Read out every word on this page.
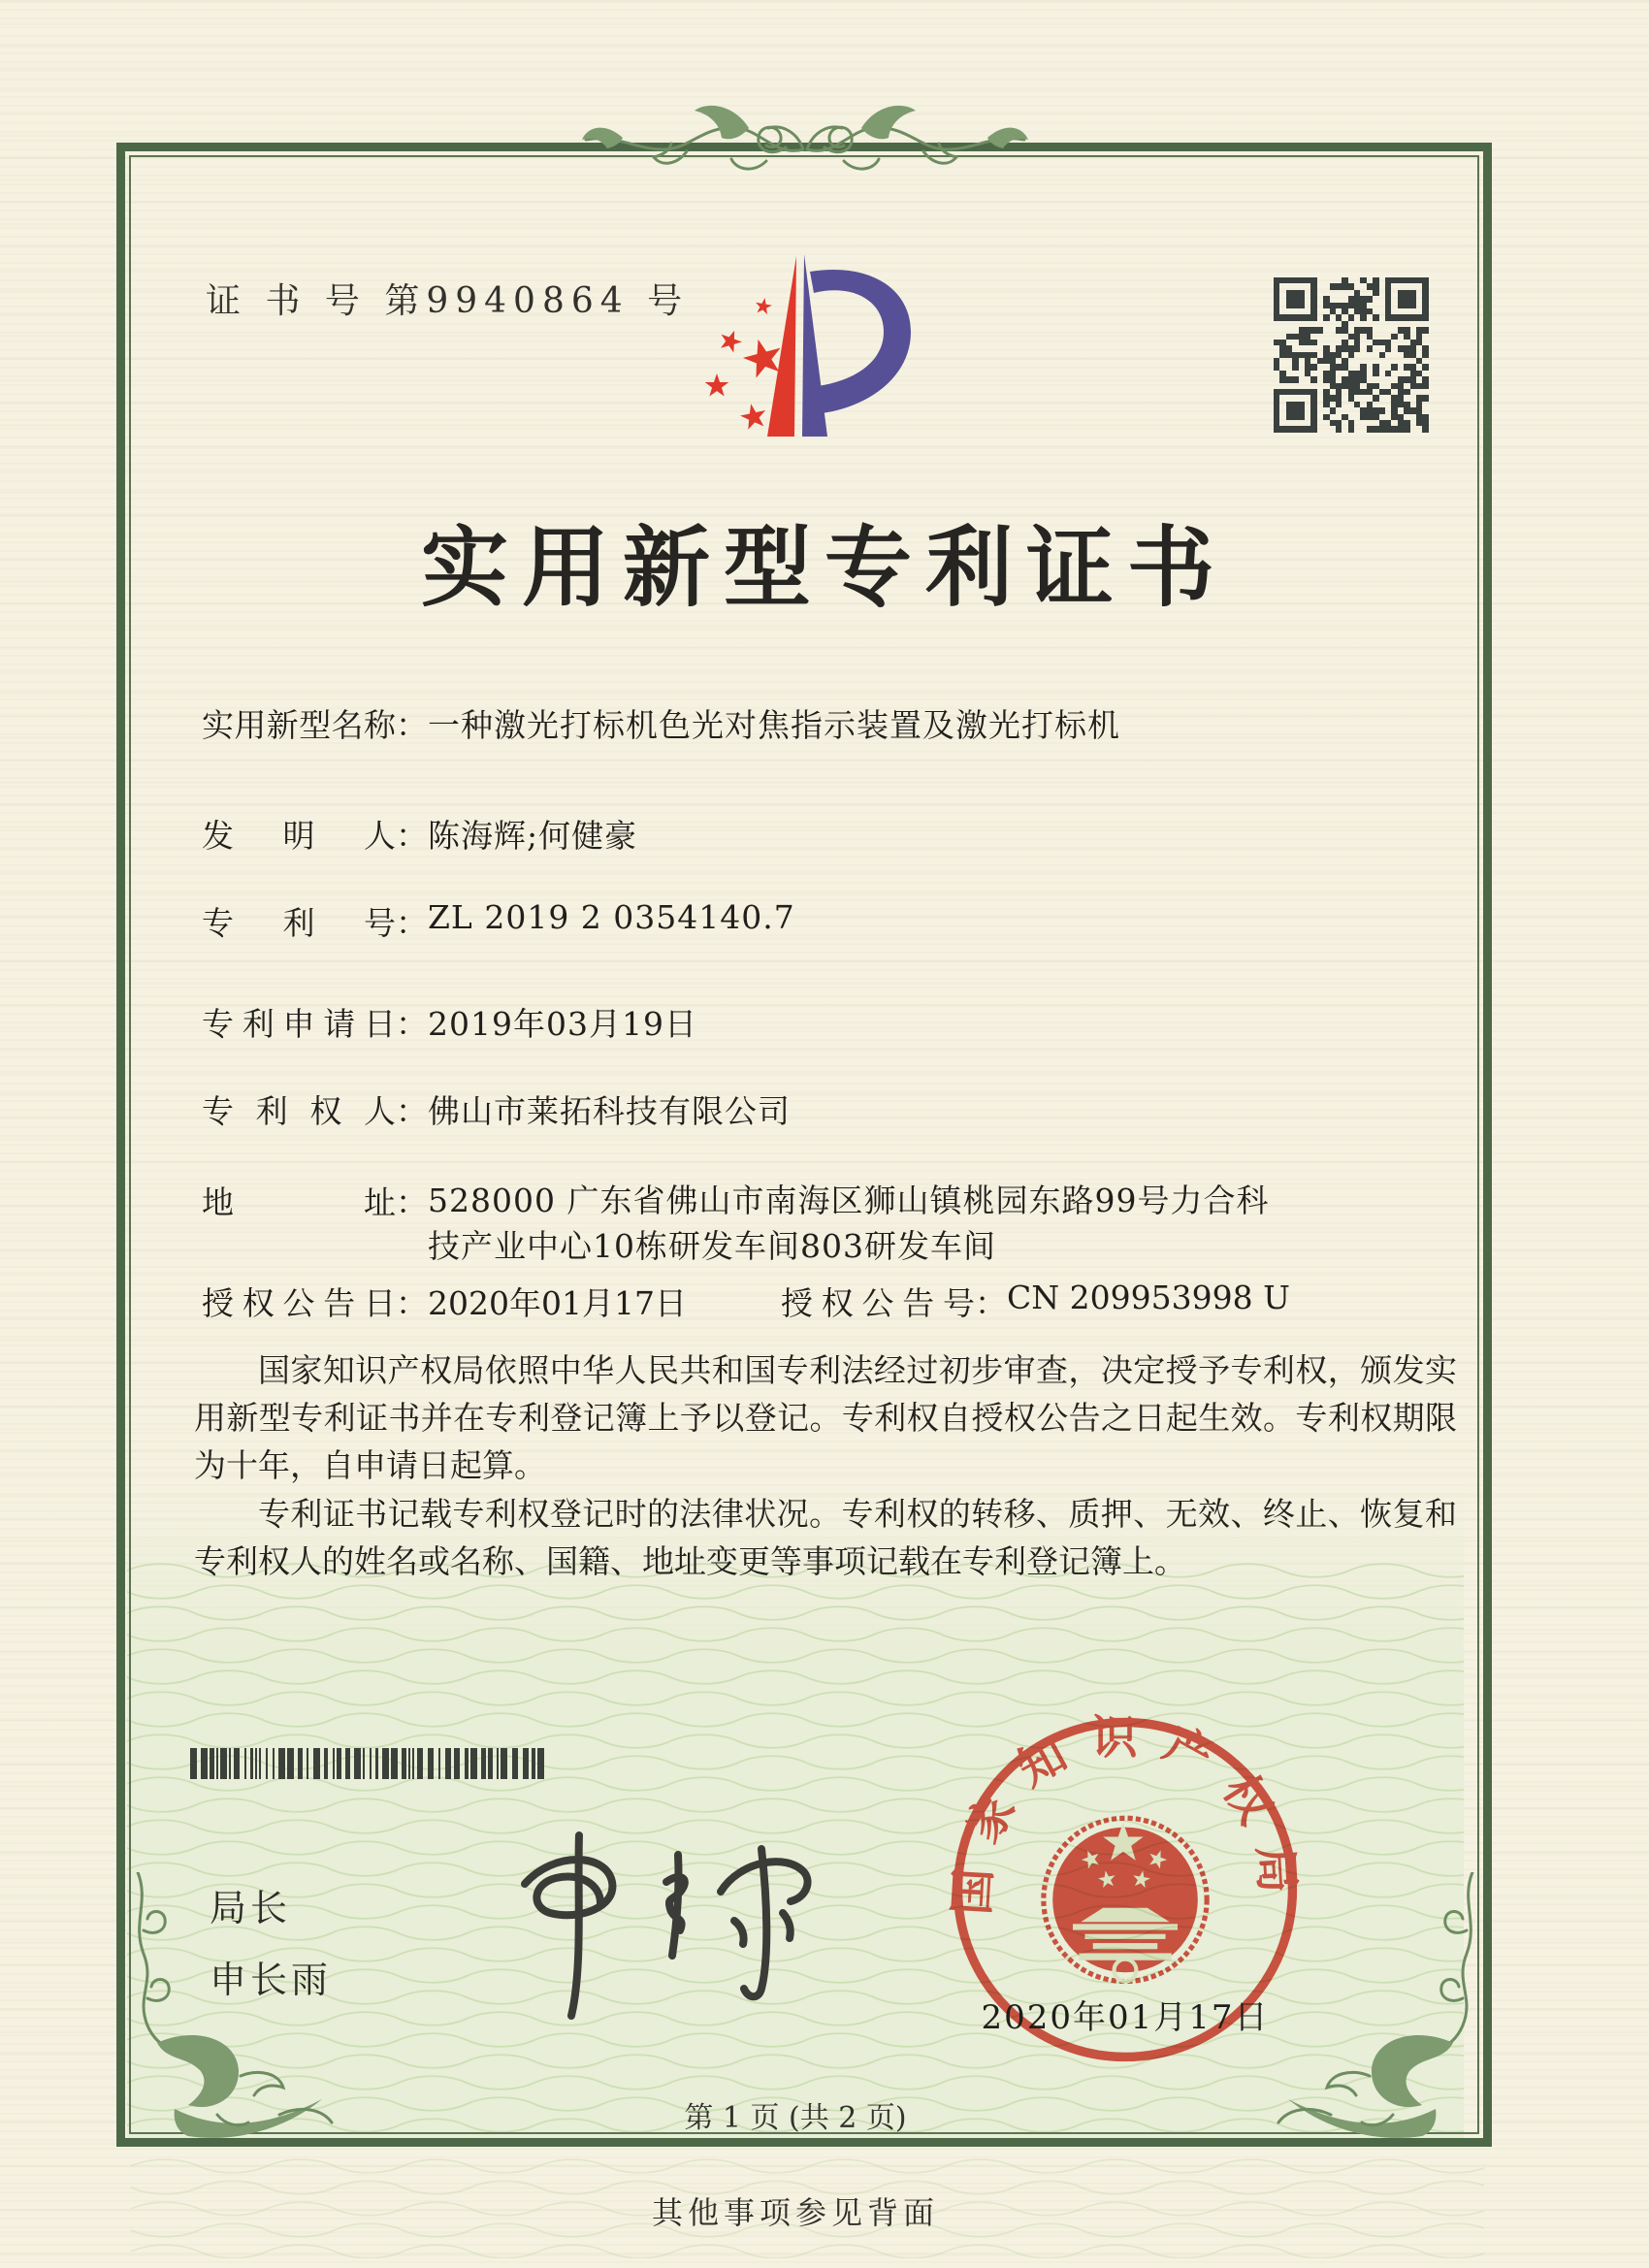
证 书 号 第9940864 号
实用新型专利证书
实用新型名称 ： 一种激光打标机色光对焦指示装置及激光打标机
发明人 ： 陈海辉;何健豪
专利号 ： ZL 2019 2 0354140.7
专利申请日 ： 2019年03月19日
专利权人 ： 佛山市莱拓科技有限公司
地址 ： 528000 广东省佛山市南海区狮山镇桃园东路99号力合科技产业中心10栋研发车间803研发车间
授权公告日 ： 2020年01月17日	授权公告号 ： CN 209953998 U

国家知识产权局依照中华人民共和国专利法经过初步审查，决定授予专利权，颁发实用新型专利证书并在专利登记簿上予以登记。专利权自授权公告之日起生效。专利权期限为十年，自申请日起算。

专利证书记载专利权登记时的法律状况。专利权的转移、质押、无效、终止、恢复和专利权人的姓名或名称、国籍、地址变更等事项记载在专利登记簿上。

局长
申长雨
国家知识产权局
2020年01月17日
第 1 页 (共 2 页)
其他事项参见背面
